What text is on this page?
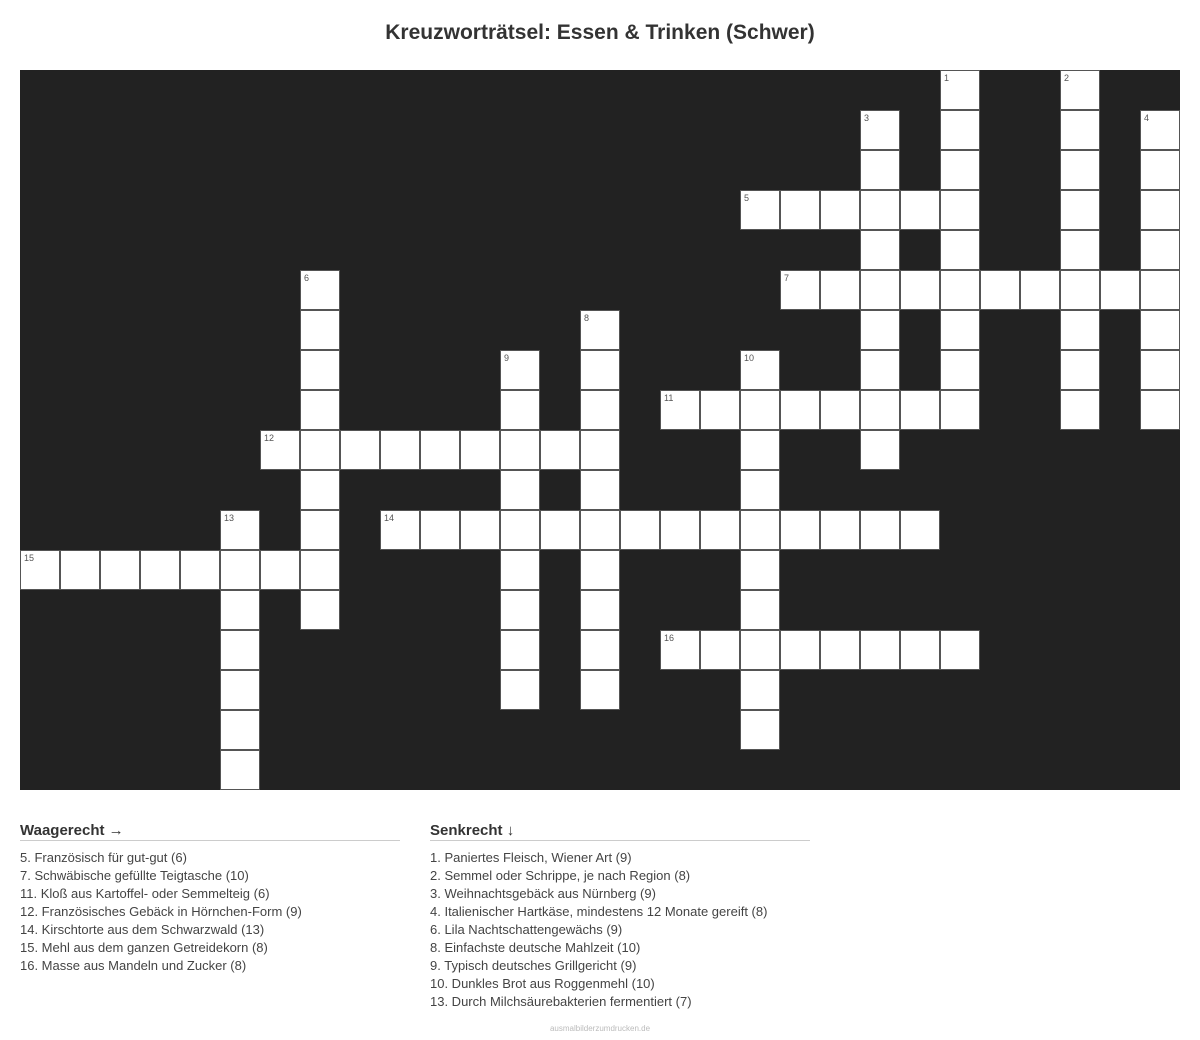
Kreuzworträtsel: Essen & Trinken (Schwer)
1	2
3	4
5
6	7
8
9	10
11
12
13	14
15
16
Waagerecht →
5. Französisch für gut-gut (6)
7. Schwäbische gefüllte Teigtasche (10)
11. Kloß aus Kartoffel- oder Semmelteig (6)
12. Französisches Gebäck in Hörnchen-Form (9)
14. Kirschtorte aus dem Schwarzwald (13)
15. Mehl aus dem ganzen Getreidekorn (8)
16. Masse aus Mandeln und Zucker (8)
Senkrecht ↓
1. Paniertes Fleisch, Wiener Art (9)
2. Semmel oder Schrippe, je nach Region (8)
3. Weihnachtsgebäck aus Nürnberg (9)
4. Italienischer Hartkäse, mindestens 12 Monate gereift (8)
6. Lila Nachtschattengewächs (9)
8. Einfachste deutsche Mahlzeit (10)
9. Typisch deutsches Grillgericht (9)
10. Dunkles Brot aus Roggenmehl (10)
13. Durch Milchsäurebakterien fermentiert (7)
ausmalbilderzumdrucken.de
